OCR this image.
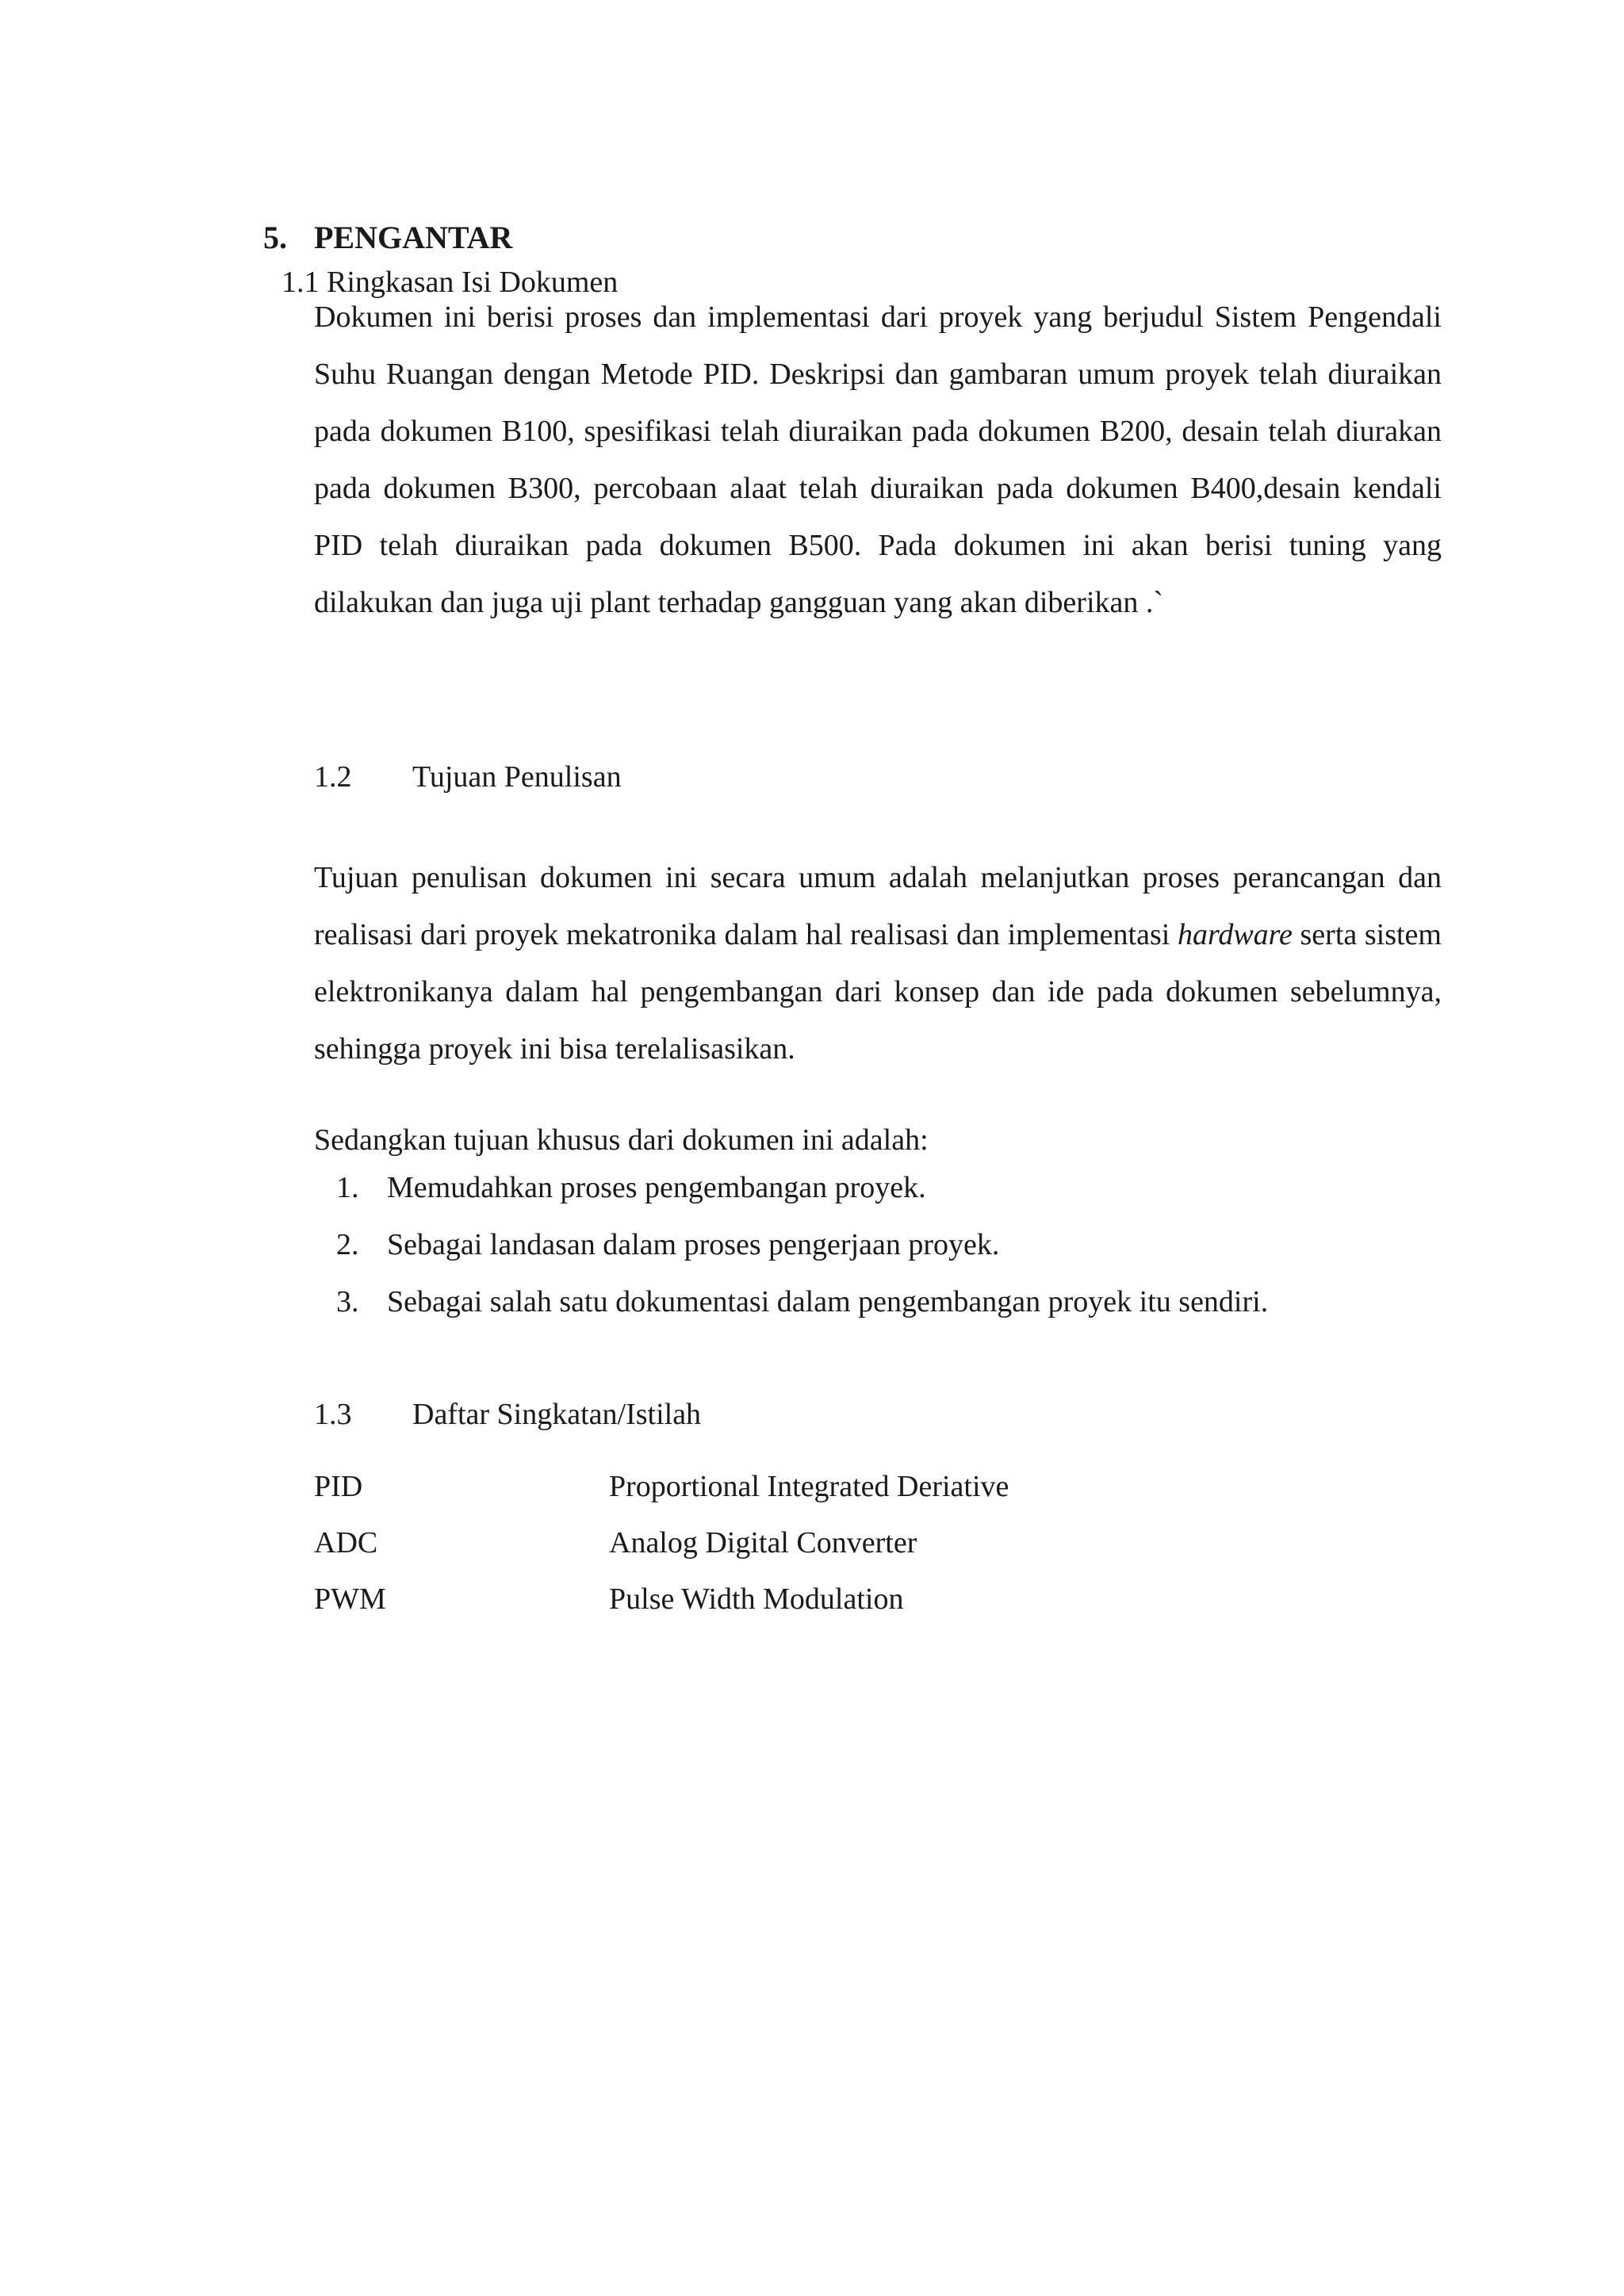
5. PENGANTAR
1.1 Ringkasan Isi Dokumen
Dokumen ini berisi proses dan implementasi dari proyek yang berjudul Sistem Pengendali Suhu Ruangan dengan Metode PID. Deskripsi dan gambaran umum proyek telah diuraikan pada dokumen B100, spesifikasi telah diuraikan pada dokumen B200, desain telah diurakan pada dokumen B300, percobaan alaat telah diuraikan pada dokumen B400,desain kendali PID telah diuraikan pada dokumen B500. Pada dokumen ini akan berisi tuning yang dilakukan dan juga uji plant terhadap gangguan yang akan diberikan .`
1.2 Tujuan Penulisan
Tujuan penulisan dokumen ini secara umum adalah melanjutkan proses perancangan dan realisasi dari proyek mekatronika dalam hal realisasi dan implementasi hardware serta sistem elektronikanya dalam hal pengembangan dari konsep dan ide pada dokumen sebelumnya, sehingga proyek ini bisa terelalisasikan.
Sedangkan tujuan khusus dari dokumen ini adalah:
1. Memudahkan proses pengembangan proyek.
2. Sebagai landasan dalam proses pengerjaan proyek.
3. Sebagai salah satu dokumentasi dalam pengembangan proyek itu sendiri.
1.3 Daftar Singkatan/Istilah
PID	Proportional Integrated Deriative
ADC	Analog Digital Converter
PWM	Pulse Width Modulation
